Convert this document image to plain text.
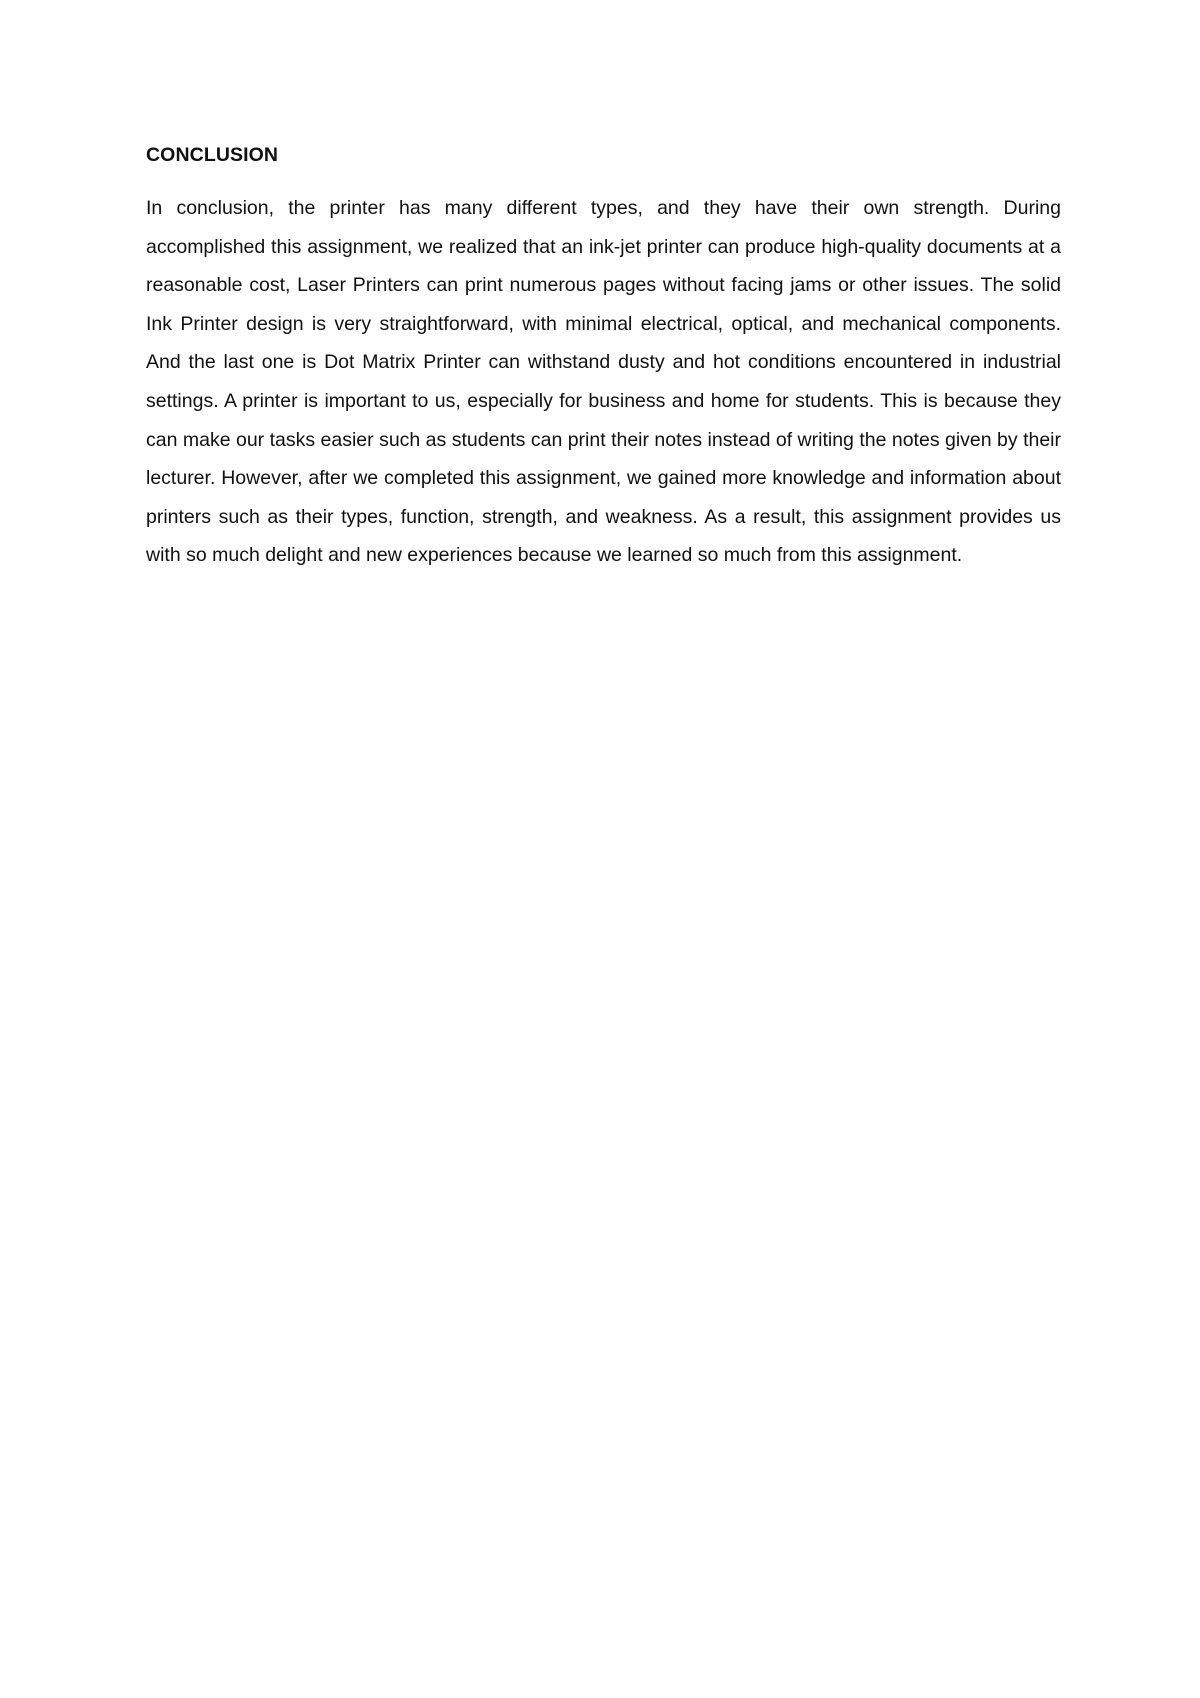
CONCLUSION

In conclusion, the printer has many different types, and they have their own strength. During accomplished this assignment, we realized that an ink-jet printer can produce high-quality documents at a reasonable cost, Laser Printers can print numerous pages without facing jams or other issues. The solid Ink Printer design is very straightforward, with minimal electrical, optical, and mechanical components. And the last one is Dot Matrix Printer can withstand dusty and hot conditions encountered in industrial settings. A printer is important to us, especially for business and home for students. This is because they can make our tasks easier such as students can print their notes instead of writing the notes given by their lecturer. However, after we completed this assignment, we gained more knowledge and information about printers such as their types, function, strength, and weakness. As a result, this assignment provides us with so much delight and new experiences because we learned so much from this assignment.
